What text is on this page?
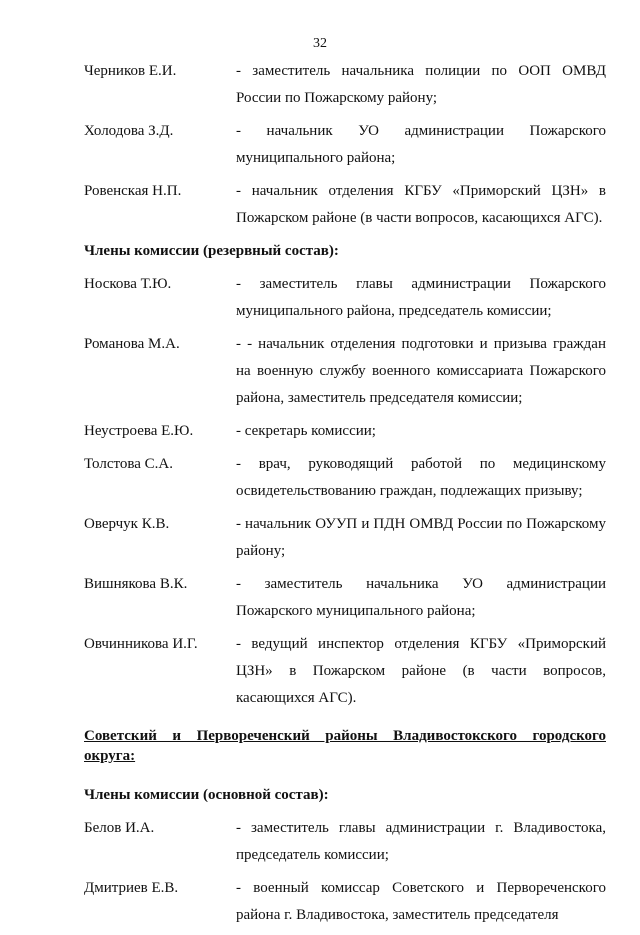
32
Черников Е.И.	- заместитель начальника полиции по ООП ОМВД России по Пожарскому району;
Холодова З.Д.	- начальник УО администрации Пожарского муниципального района;
Ровенская Н.П.	- начальник отделения КГБУ «Приморский ЦЗН» в Пожарском районе (в части вопросов, касающихся АГС).
Члены комиссии (резервный состав):
Носкова Т.Ю.	- заместитель главы администрации Пожарского муниципального района, председатель комиссии;
Романова М.А.	- - начальник отделения подготовки и призыва граждан на военную службу военного комиссариата Пожарского района, заместитель председателя комиссии;
Неустроева Е.Ю.	- секретарь комиссии;
Толстова С.А.	- врач, руководящий работой по медицинскому освидетельствованию граждан, подлежащих призыву;
Оверчук К.В.	- начальник ОУУП и ПДН ОМВД России по Пожарскому району;
Вишнякова В.К.	- заместитель начальника УО администрации Пожарского муниципального района;
Овчинникова И.Г.	- ведущий инспектор отделения КГБУ «Приморский ЦЗН» в Пожарском районе (в части вопросов, касающихся АГС).
Советский и Первореченский районы Владивостокского городского округа:
Члены комиссии (основной состав):
Белов И.А.	- заместитель главы администрации г. Владивостока, председатель комиссии;
Дмитриев Е.В.	- военный комиссар Советского и Первореченского района г. Владивостока, заместитель председателя
